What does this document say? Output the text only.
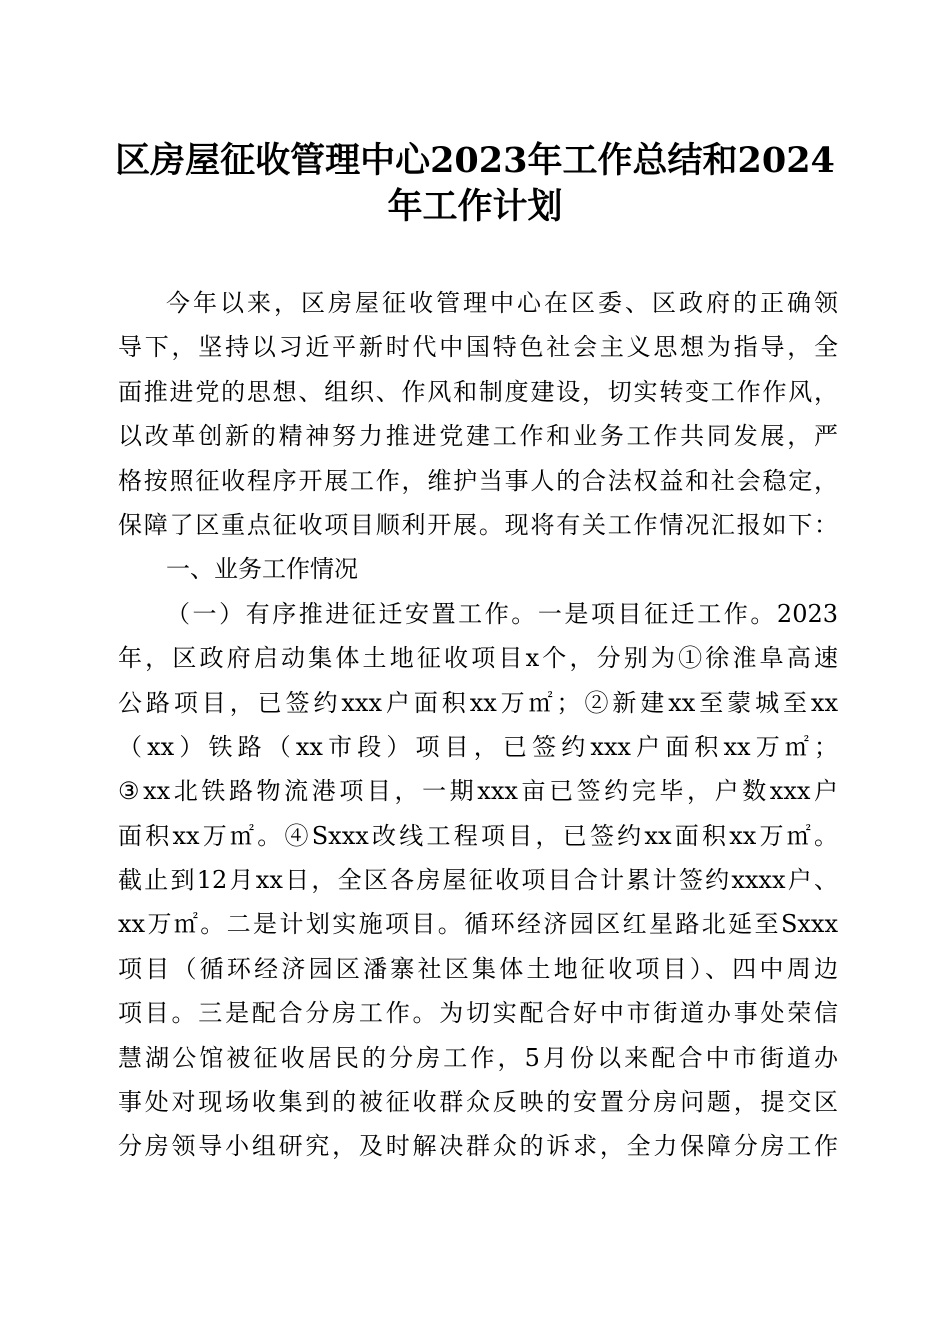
区房屋征收管理中心2023年工作总结和2024
年工作计划
今年以来，区房屋征收管理中心在区委、区政府的正确领
导下，坚持以习近平新时代中国特色社会主义思想为指导，全
面推进党的思想、组织、作风和制度建设，切实转变工作作风，
以改革创新的精神努力推进党建工作和业务工作共同发展，严
格按照征收程序开展工作，维护当事人的合法权益和社会稳定，
保障了区重点征收项目顺利开展。现将有关工作情况汇报如下：
一、业务工作情况
（一）有序推进征迁安置工作。一是项目征迁工作。2023
年，区政府启动集体土地征收项目x个，分别为①徐淮阜高速
公路项目，已签约xxx户面积xx万㎡；②新建xx至蒙城至xx
（xx）铁路（xx市段）项目，已签约xxx户面积xx万㎡；
③xx北铁路物流港项目，一期xxx亩已签约完毕，户数xxx户
面积xx万㎡。④Sxxx改线工程项目，已签约xx面积xx万㎡。
截止到12月xx日，全区各房屋征收项目合计累计签约xxxx户、
xx万㎡。二是计划实施项目。循环经济园区红星路北延至Sxxx
项目（循环经济园区潘寨社区集体土地征收项目）、四中周边
项目。三是配合分房工作。为切实配合好中市街道办事处荣信
慧湖公馆被征收居民的分房工作，5月份以来配合中市街道办
事处对现场收集到的被征收群众反映的安置分房问题，提交区
分房领导小组研究，及时解决群众的诉求，全力保障分房工作
